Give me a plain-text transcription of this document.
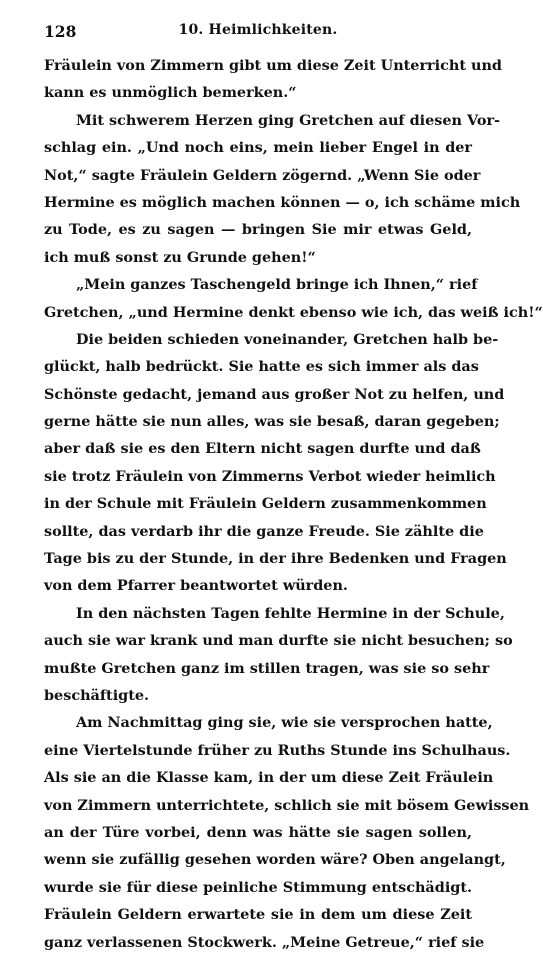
128	10. Heimlichkeiten.
Fräulein von Zimmern gibt um diese Zeit Unterricht und
kann es unmöglich bemerken.“
Mit schwerem Herzen ging Gretchen auf diesen Vor-
schlag ein. „Und noch eins, mein lieber Engel in der
Not,“ sagte Fräulein Geldern zögernd. „Wenn Sie oder
Hermine es möglich machen können — o, ich schäme mich
zu Tode, es zu sagen — bringen Sie mir etwas Geld,
ich muß sonst zu Grunde gehen!“
„Mein ganzes Taschengeld bringe ich Ihnen,“ rief
Gretchen, „und Hermine denkt ebenso wie ich, das weiß ich!“
Die beiden schieden voneinander, Gretchen halb be-
glückt, halb bedrückt. Sie hatte es sich immer als das
Schönste gedacht, jemand aus großer Not zu helfen, und
gerne hätte sie nun alles, was sie besaß, daran gegeben;
aber daß sie es den Eltern nicht sagen durfte und daß
sie trotz Fräulein von Zimmerns Verbot wieder heimlich
in der Schule mit Fräulein Geldern zusammenkommen
sollte, das verdarb ihr die ganze Freude. Sie zählte die
Tage bis zu der Stunde, in der ihre Bedenken und Fragen
von dem Pfarrer beantwortet würden.
In den nächsten Tagen fehlte Hermine in der Schule,
auch sie war krank und man durfte sie nicht besuchen; so
mußte Gretchen ganz im stillen tragen, was sie so sehr
beschäftigte.
Am Nachmittag ging sie, wie sie versprochen hatte,
eine Viertelstunde früher zu Ruths Stunde ins Schulhaus.
Als sie an die Klasse kam, in der um diese Zeit Fräulein
von Zimmern unterrichtete, schlich sie mit bösem Gewissen
an der Türe vorbei, denn was hätte sie sagen sollen,
wenn sie zufällig gesehen worden wäre? Oben angelangt,
wurde sie für diese peinliche Stimmung entschädigt.
Fräulein Geldern erwartete sie in dem um diese Zeit
ganz verlassenen Stockwerk. „Meine Getreue,“ rief sie
